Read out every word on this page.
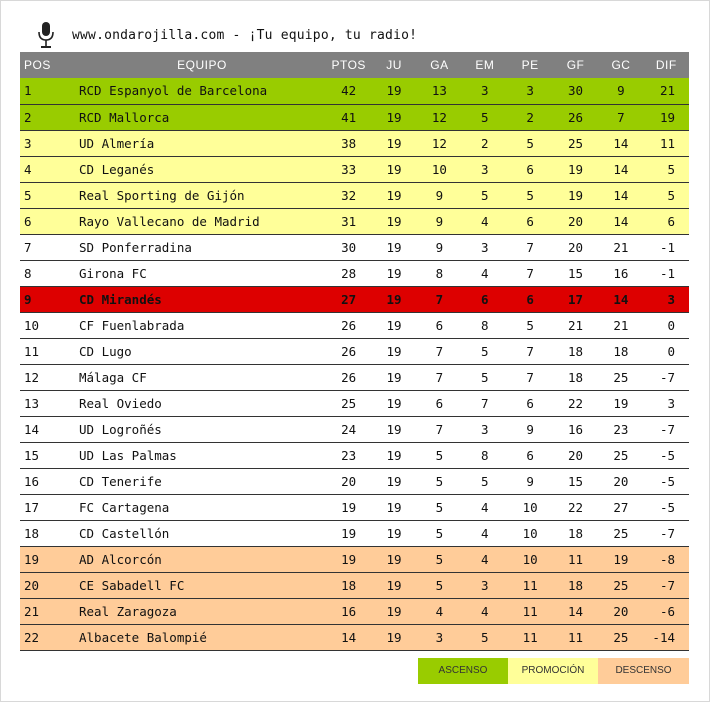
www.ondarojilla.com - ¡Tu equipo, tu radio!
POS	EQUIPO	PTOS	JU	GA	EM	PE	GF	GC	DIF
1	RCD Espanyol de Barcelona	42	19	13	3	3	30	9	21
2	RCD Mallorca	41	19	12	5	2	26	7	19
3	UD Almería	38	19	12	2	5	25	14	11
4	CD Leganés	33	19	10	3	6	19	14	5
5	Real Sporting de Gijón	32	19	9	5	5	19	14	5
6	Rayo Vallecano de Madrid	31	19	9	4	6	20	14	6
7	SD Ponferradina	30	19	9	3	7	20	21	-1
8	Girona FC	28	19	8	4	7	15	16	-1
9	CD Mirandés	27	19	7	6	6	17	14	3
10	CF Fuenlabrada	26	19	6	8	5	21	21	0
11	CD Lugo	26	19	7	5	7	18	18	0
12	Málaga CF	26	19	7	5	7	18	25	-7
13	Real Oviedo	25	19	6	7	6	22	19	3
14	UD Logroñés	24	19	7	3	9	16	23	-7
15	UD Las Palmas	23	19	5	8	6	20	25	-5
16	CD Tenerife	20	19	5	5	9	15	20	-5
17	FC Cartagena	19	19	5	4	10	22	27	-5
18	CD Castellón	19	19	5	4	10	18	25	-7
19	AD Alcorcón	19	19	5	4	10	11	19	-8
20	CE Sabadell FC	18	19	5	3	11	18	25	-7
21	Real Zaragoza	16	19	4	4	11	14	20	-6
22	Albacete Balompié	14	19	3	5	11	11	25	-14
ASCENSO	PROMOCIÓN	DESCENSO
